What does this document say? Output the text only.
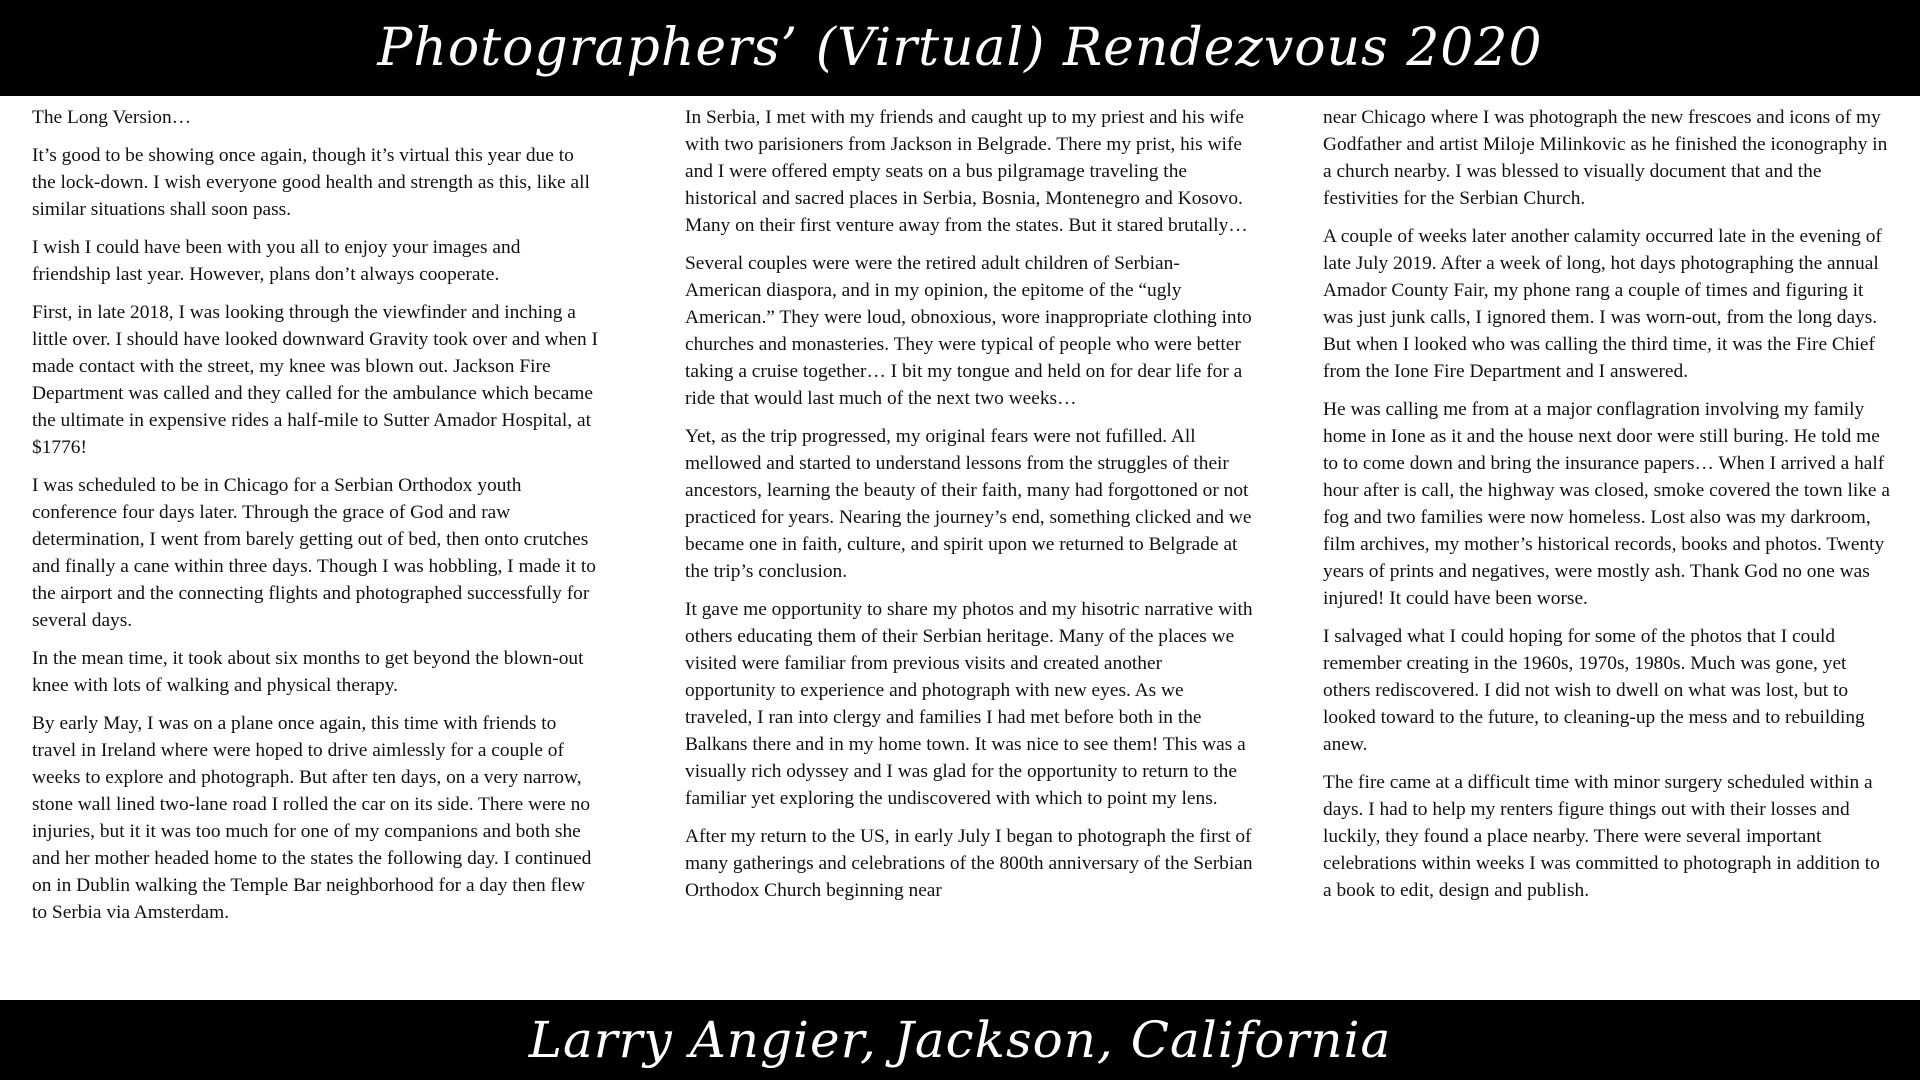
Photographers’ (Virtual) Rendezvous 2020

The Long Version…

It’s good to be showing once again, though it’s virtual this year due to the lock-down. I wish everyone good health and strength as this, like all similar situations shall soon pass.

I wish I could have been with you all to enjoy your images and friendship last year. However, plans don’t always cooperate.

First, in late 2018, I was looking through the viewfinder and inching a little over. I should have looked downward Gravity took over and when I made contact with the street, my knee was blown out. Jackson Fire Department was called and they called for the ambulance which became the ultimate in expensive rides a half-mile to Sutter Amador Hospital, at $1776!

I was scheduled to be in Chicago for a Serbian Orthodox youth conference four days later. Through the grace of God and raw determination, I went from barely getting out of bed, then onto crutches and finally a cane within three days. Though I was hobbling, I made it to the airport and the connecting flights and photographed successfully for several days.

In the mean time, it took about six months to get beyond the blown-out knee with lots of walking and physical therapy.

By early May, I was on a plane once again, this time with friends to travel in Ireland where were hoped to drive aimlessly for a couple of weeks to explore and photograph. But after ten days, on a very narrow, stone wall lined two-lane road I rolled the car on its side. There were no injuries, but it it was too much for one of my companions and both she and her mother headed home to the states the following day. I continued on in Dublin walking the Temple Bar neighborhood for a day then flew to Serbia via Amsterdam.

In Serbia, I met with my friends and caught up to my priest and his wife with two parisioners from Jackson in Belgrade. There my prist, his wife and I were offered empty seats on a bus pilgramage traveling the historical and sacred places in Serbia, Bosnia, Montenegro and Kosovo. Many on their first venture away from the states. But it stared brutally…

Several couples were were the retired adult children of Serbian-American diaspora, and in my opinion, the epitome of the “ugly American.” They were loud, obnoxious, wore inappropriate clothing into churches and monasteries. They were typical of people who were better taking a cruise together… I bit my tongue and held on for dear life for a ride that would last much of the next two weeks…

Yet, as the trip progressed, my original fears were not fufilled. All mellowed and started to understand lessons from the struggles of their ancestors, learning the beauty of their faith, many had forgottoned or not practiced for years. Nearing the journey’s end, something clicked and we became one in faith, culture, and spirit upon we returned to Belgrade at the trip’s conclusion.

It gave me opportunity to share my photos and my hisotric narrative with others educating them of their Serbian heritage. Many of the places we visited were familiar from previous visits and created another opportunity to experience and photograph with new eyes. As we traveled, I ran into clergy and families I had met before both in the Balkans there and in my home town. It was nice to see them! This was a visually rich odyssey and I was glad for the opportunity to return to the familiar yet exploring the undiscovered with which to point my lens.

After my return to the US, in early July I began to photograph the first of many gatherings and celebrations of the 800th anniversary of the Serbian Orthodox Church beginning near

near Chicago where I was photograph the new frescoes and icons of my Godfather and artist Miloje Milinkovic as he finished the iconography in a church nearby. I was blessed to visually document that and the festivities for the Serbian Church.

A couple of weeks later another calamity occurred late in the evening of late July 2019. After a week of long, hot days photographing the annual Amador County Fair, my phone rang a couple of times and figuring it was just junk calls, I ignored them. I was worn-out, from the long days. But when I looked who was calling the third time, it was the Fire Chief from the Ione Fire Department and I answered.

He was calling me from at a major conflagration involving my family home in Ione as it and the house next door were still buring. He told me to to come down and bring the insurance papers… When I arrived a half hour after is call, the highway was closed, smoke covered the town like a fog and two families were now homeless. Lost also was my darkroom, film archives, my mother’s historical records, books and photos. Twenty years of prints and negatives, were mostly ash. Thank God no one was injured! It could have been worse.

I salvaged what I could hoping for some of the photos that I could remember creating in the 1960s, 1970s, 1980s. Much was gone, yet others rediscovered. I did not wish to dwell on what was lost, but to looked toward to the future, to cleaning-up the mess and to rebuilding anew.

The fire came at a difficult time with minor surgery scheduled within a days. I had to help my renters figure things out with their losses and luckily, they found a place nearby. There were several important celebrations within weeks I was committed to photograph in addition to a book to edit, design and publish.

Larry Angier, Jackson, California
